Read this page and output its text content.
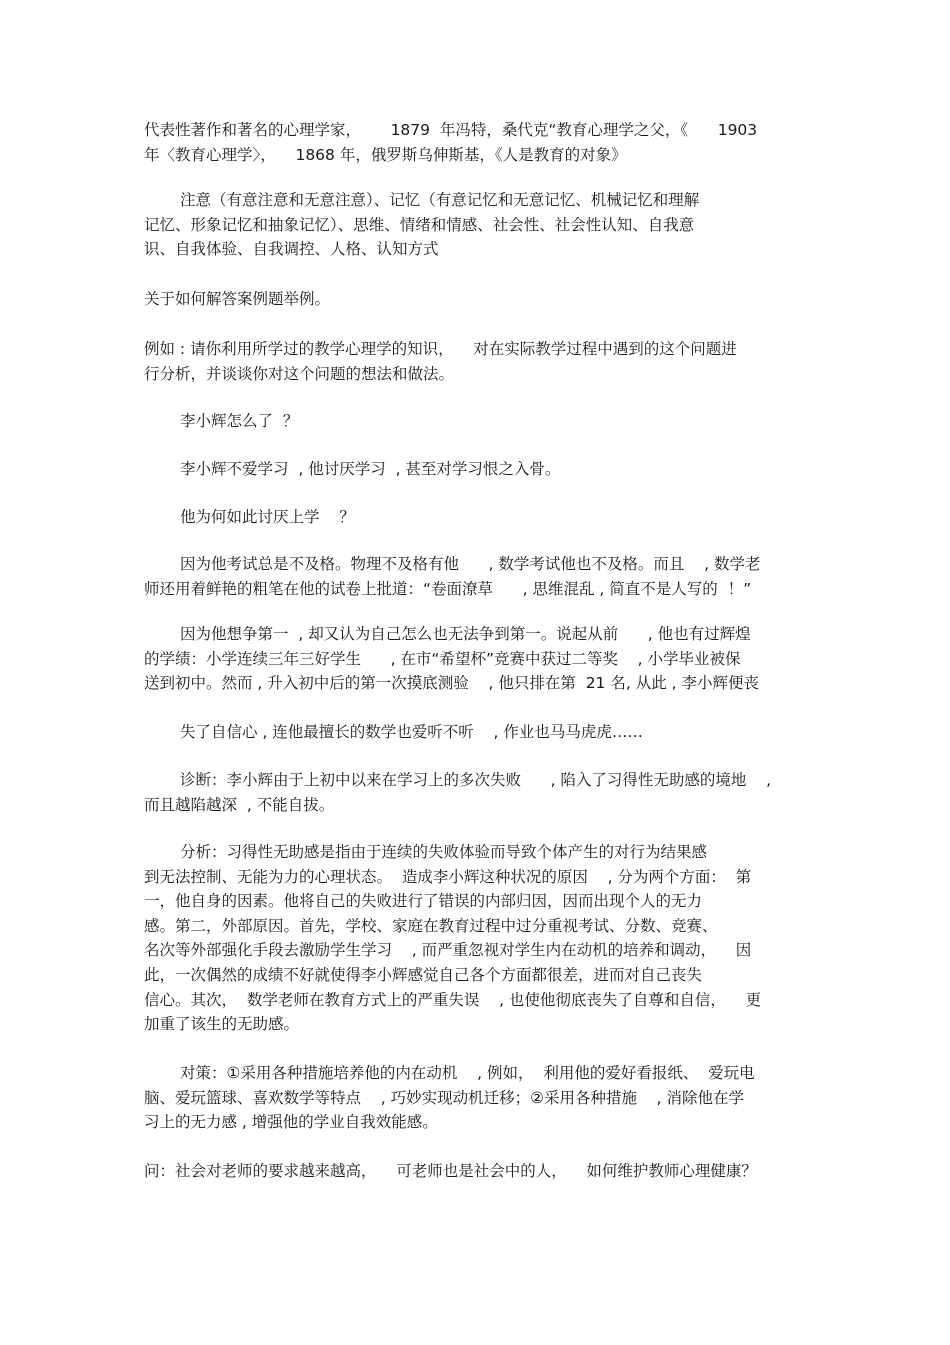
代表性著作和著名的心理学家，      1879  年冯特，桑代克“教育心理学之父，《      1903
年〈教育心理学〉，    1868 年，俄罗斯乌伸斯基，《人是教育的对象》
注意（有意注意和无意注意）、记忆（有意记忆和无意记忆、机械记忆和理解
记忆、形象记忆和抽象记忆）、思维、情绪和情感、社会性、社会性认知、自我意
识、自我体验、自我调控、人格、认知方式
关于如何解答案例题举例。
例如 : 请你利用所学过的教学心理学的知识，    对在实际教学过程中遇到的这个问题进
行分析，并谈谈你对这个问题的想法和做法。
李小辉怎么了  ？
李小辉不爱学习  , 他讨厌学习  , 甚至对学习恨之入骨。
他为何如此讨厌上学    ？
因为他考试总是不及格。物理不及格有他      , 数学考试他也不及格。而且    , 数学老
师还用着鲜艳的粗笔在他的试卷上批道：“卷面潦草      , 思维混乱 , 简直不是人写的  ！”
因为他想争第一  , 却又认为自己怎么也无法争到第一。说起从前      , 他也有过辉煌
的学绩：小学连续三年三好学生      , 在市“希望杯”竞赛中获过二等奖    , 小学毕业被保
送到初中。然而 , 升入初中后的第一次摸底测验    , 他只排在第  21 名, 从此 , 李小辉便丧
失了自信心 , 连他最擅长的数学也爱听不听    , 作业也马马虎虎……
诊断：李小辉由于上初中以来在学习上的多次失败      , 陷入了习得性无助感的境地    ,
而且越陷越深  , 不能自拔。
分析：习得性无助感是指由于连续的失败体验而导致个体产生的对行为结果感
到无法控制、无能为力的心理状态。  造成李小辉这种状况的原因    , 分为两个方面：  第
一，他自身的因素。他将自己的失败进行了错误的内部归因，因而出现个人的无力
感。第二，外部原因。首先，学校、家庭在教育过程中过分重视考试、分数、竞赛、
名次等外部强化手段去激励学生学习    , 而严重忽视对学生内在动机的培养和调动，    因
此，一次偶然的成绩不好就使得李小辉感觉自己各个方面都很差，进而对自己丧失
信心。其次，  数学老师在教育方式上的严重失误    , 也使他彻底丧失了自尊和自信，    更
加重了该生的无助感。
对策：①采用各种措施培养他的内在动机    , 例如，  利用他的爱好看报纸、  爱玩电
脑、爱玩篮球、喜欢数学等特点    , 巧妙实现动机迁移；②采用各种措施    , 消除他在学
习上的无力感 , 增强他的学业自我效能感。
问：社会对老师的要求越来越高，    可老师也是社会中的人，    如何维护教师心理健康？
